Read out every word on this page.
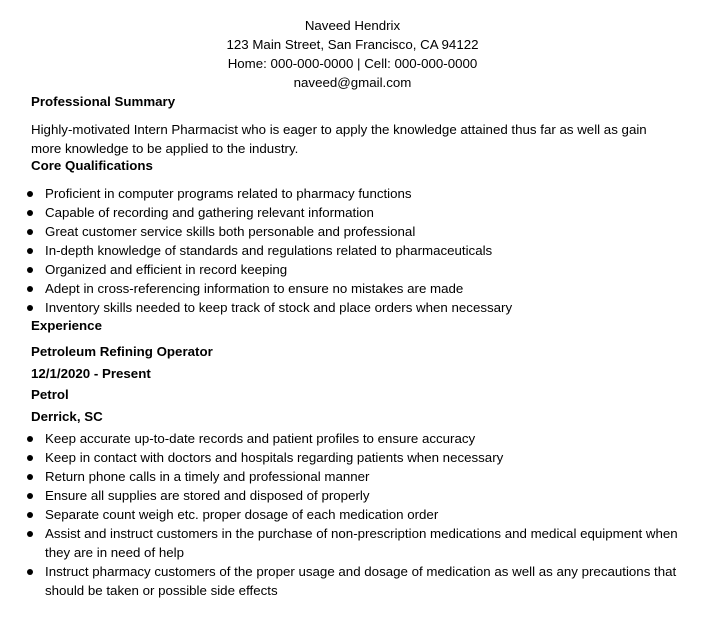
Naveed Hendrix
123 Main Street, San Francisco, CA 94122
Home: 000-000-0000 | Cell: 000-000-0000
naveed@gmail.com
Professional Summary
Highly-motivated Intern Pharmacist who is eager to apply the knowledge attained thus far as well as gain more knowledge to be applied to the industry.
Core Qualifications
Proficient in computer programs related to pharmacy functions
Capable of recording and gathering relevant information
Great customer service skills both personable and professional
In-depth knowledge of standards and regulations related to pharmaceuticals
Organized and efficient in record keeping
Adept in cross-referencing information to ensure no mistakes are made
Inventory skills needed to keep track of stock and place orders when necessary
Experience
Petroleum Refining Operator
12/1/2020 - Present
Petrol
Derrick, SC
Keep accurate up-to-date records and patient profiles to ensure accuracy
Keep in contact with doctors and hospitals regarding patients when necessary
Return phone calls in a timely and professional manner
Ensure all supplies are stored and disposed of properly
Separate count weigh etc. proper dosage of each medication order
Assist and instruct customers in the purchase of non-prescription medications and medical equipment when they are in need of help
Instruct pharmacy customers of the proper usage and dosage of medication as well as any precautions that should be taken or possible side effects
